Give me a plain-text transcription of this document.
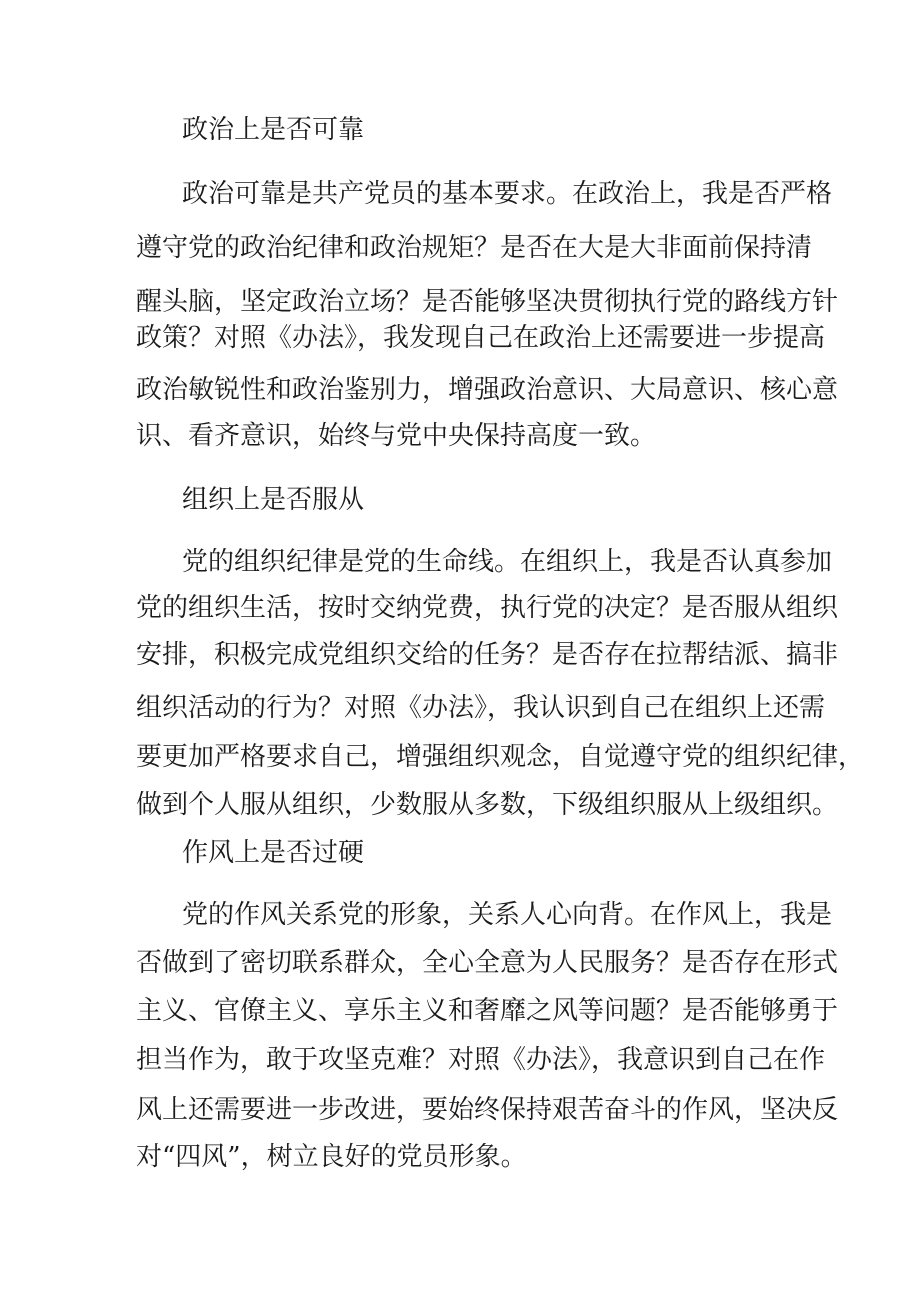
政治上是否可靠

政治可靠是共产党员的基本要求。在政治上，我是否严格

遵守党的政治纪律和政治规矩？是否在大是大非面前保持清

醒头脑，坚定政治立场？是否能够坚决贯彻执行党的路线方针

政策？对照《办法》，我发现自己在政治上还需要进一步提高

政治敏锐性和政治鉴别力，增强政治意识、大局意识、核心意

识、看齐意识，始终与党中央保持高度一致。

组织上是否服从

党的组织纪律是党的生命线。在组织上，我是否认真参加

党的组织生活，按时交纳党费，执行党的决定？是否服从组织

安排，积极完成党组织交给的任务？是否存在拉帮结派、搞非

组织活动的行为？对照《办法》，我认识到自己在组织上还需

要更加严格要求自己，增强组织观念，自觉遵守党的组织纪律，

做到个人服从组织，少数服从多数，下级组织服从上级组织。

作风上是否过硬

党的作风关系党的形象，关系人心向背。在作风上，我是

否做到了密切联系群众，全心全意为人民服务？是否存在形式

主义、官僚主义、享乐主义和奢靡之风等问题？是否能够勇于

担当作为，敢于攻坚克难？对照《办法》，我意识到自己在作

风上还需要进一步改进，要始终保持艰苦奋斗的作风，坚决反

对“四风”，树立良好的党员形象。
